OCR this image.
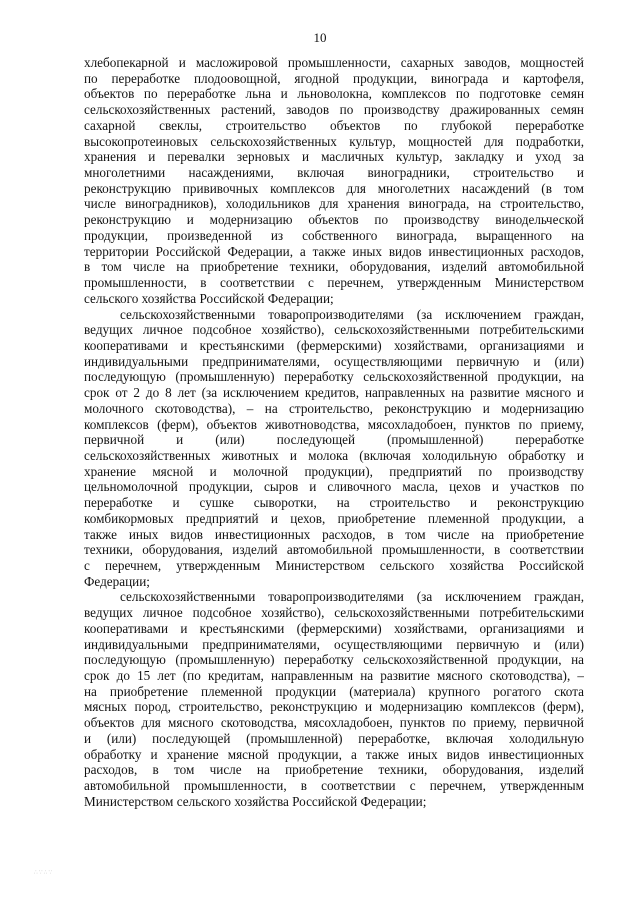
10
хлебопекарной и масложировой промышленности, сахарных заводов, мощностей
по переработке плодоовощной, ягодной продукции, винограда и картофеля,
объектов по переработке льна и льноволокна, комплексов по подготовке семян
сельскохозяйственных растений, заводов по производству дражированных семян
сахарной свеклы, строительство объектов по глубокой переработке
высокопротеиновых сельскохозяйственных культур, мощностей для подработки,
хранения и перевалки зерновых и масличных культур, закладку и уход за
многолетними насаждениями, включая виноградники, строительство и
реконструкцию прививочных комплексов для многолетних насаждений (в том
числе виноградников), холодильников для хранения винограда, на строительство,
реконструкцию и модернизацию объектов по производству винодельческой
продукции, произведенной из собственного винограда, выращенного на
территории Российской Федерации, а также иных видов инвестиционных расходов,
в том числе на приобретение техники, оборудования, изделий автомобильной
промышленности, в соответствии с перечнем, утвержденным Министерством
сельского хозяйства Российской Федерации;
сельскохозяйственными товаропроизводителями (за исключением граждан,
ведущих личное подсобное хозяйство), сельскохозяйственными потребительскими
кооперативами и крестьянскими (фермерскими) хозяйствами, организациями и
индивидуальными предпринимателями, осуществляющими первичную и (или)
последующую (промышленную) переработку сельскохозяйственной продукции, на
срок от 2 до 8 лет (за исключением кредитов, направленных на развитие мясного и
молочного скотоводства), – на строительство, реконструкцию и модернизацию
комплексов (ферм), объектов животноводства, мясохладобоен, пунктов по приему,
первичной и (или) последующей (промышленной) переработке
сельскохозяйственных животных и молока (включая холодильную обработку и
хранение мясной и молочной продукции), предприятий по производству
цельномолочной продукции, сыров и сливочного масла, цехов и участков по
переработке и сушке сыворотки, на строительство и реконструкцию
комбикормовых предприятий и цехов, приобретение племенной продукции, а
также иных видов инвестиционных расходов, в том числе на приобретение
техники, оборудования, изделий автомобильной промышленности, в соответствии
с перечнем, утвержденным Министерством сельского хозяйства Российской
Федерации;
сельскохозяйственными товаропроизводителями (за исключением граждан,
ведущих личное подсобное хозяйство), сельскохозяйственными потребительскими
кооперативами и крестьянскими (фермерскими) хозяйствами, организациями и
индивидуальными предпринимателями, осуществляющими первичную и (или)
последующую (промышленную) переработку сельскохозяйственной продукции, на
срок до 15 лет (по кредитам, направленным на развитие мясного скотоводства), –
на приобретение племенной продукции (материала) крупного рогатого скота
мясных пород, строительство, реконструкцию и модернизацию комплексов (ферм),
объектов для мясного скотоводства, мясохладобоен, пунктов по приему, первичной
и (или) последующей (промышленной) переработке, включая холодильную
обработку и хранение мясной продукции, а также иных видов инвестиционных
расходов, в том числе на приобретение техники, оборудования, изделий
автомобильной промышленности, в соответствии с перечнем, утвержденным
Министерством сельского хозяйства Российской Федерации;
∴∵∴∵
